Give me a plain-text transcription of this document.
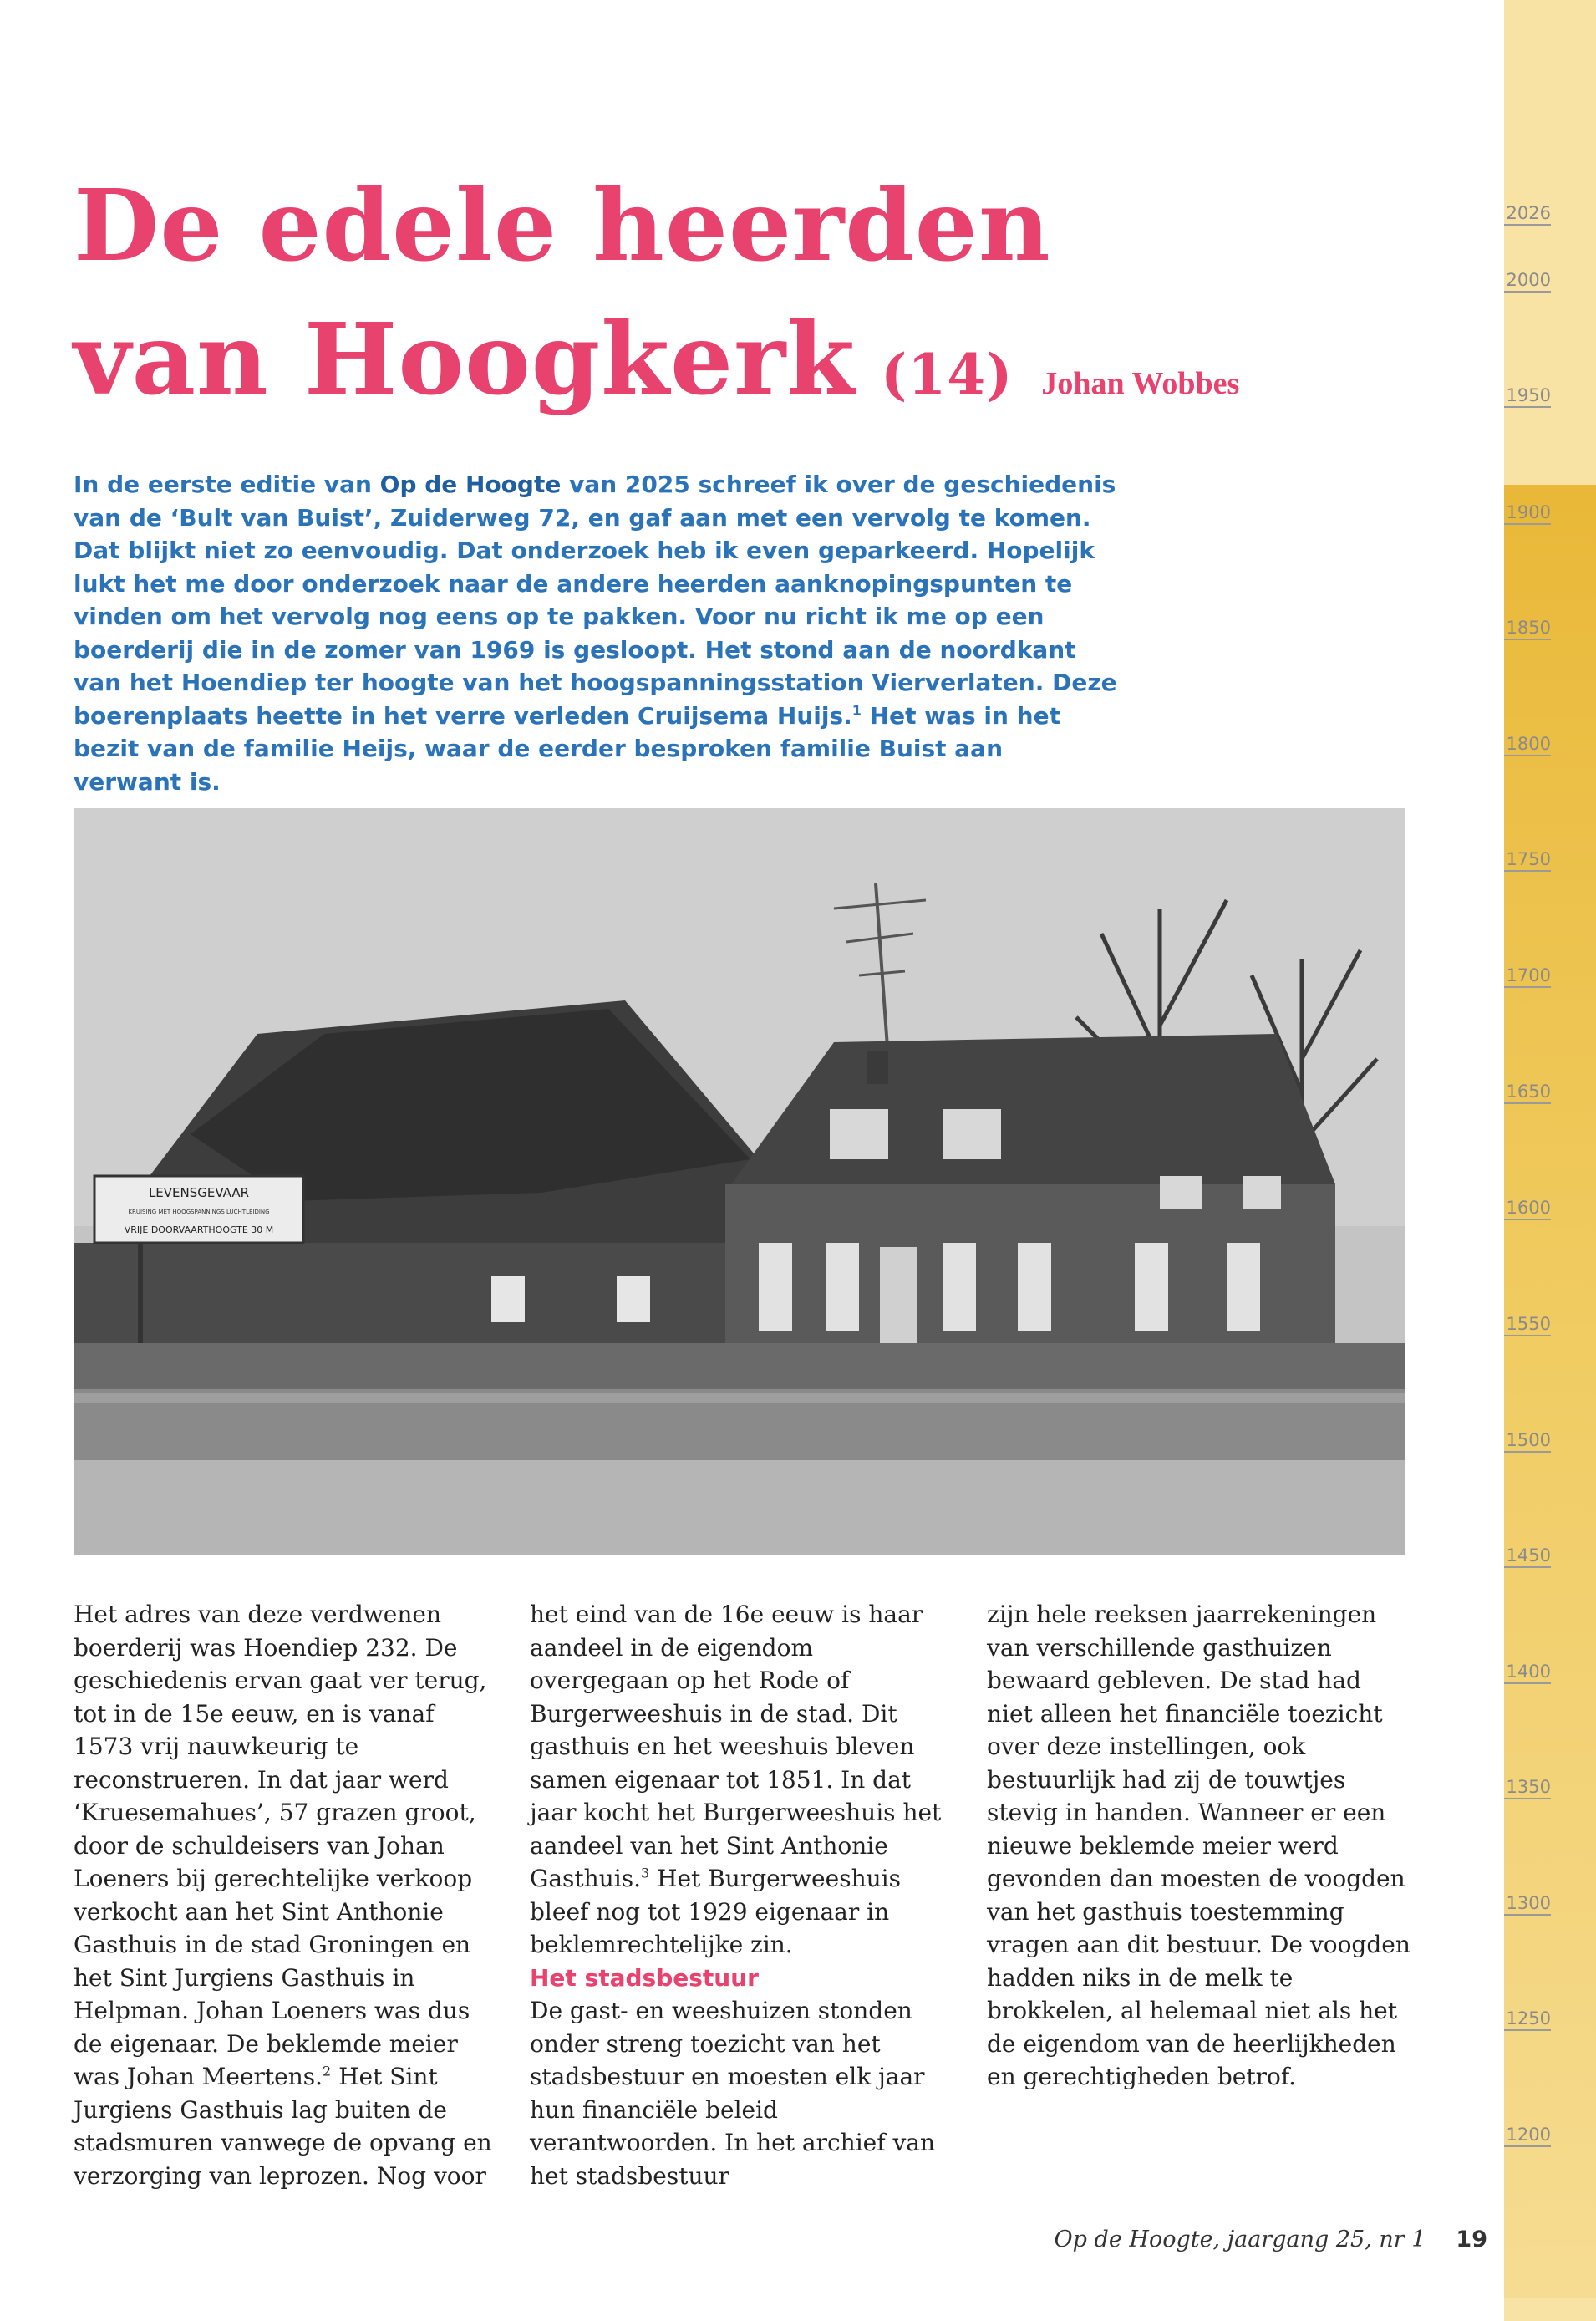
2026
2000
1950
1900
1850
1800
1750
1700
1650
1600
1550
1500
1450
1400
1350
1300
1250
1200
De edele heerden
van Hoogkerk (14) Johan Wobbes

In de eerste editie van Op de Hoogte van 2025 schreef ik over de geschiedenis van de ‘Bult van Buist’, Zuiderweg 72, en gaf aan met een vervolg te komen. Dat blijkt niet zo eenvoudig. Dat onderzoek heb ik even geparkeerd. Hopelijk lukt het me door onderzoek naar de andere heerden aanknopingspunten te vinden om het vervolg nog eens op te pakken. Voor nu richt ik me op een boerderij die in de zomer van 1969 is gesloopt. Het stond aan de noordkant van het Hoendiep ter hoogte van het hoogspanningsstation Vierverlaten. Deze boerenplaats heette in het verre verleden Cruijsema Huijs.$^1$ Het was in het bezit van de familie Heijs, waar de eerder besproken familie Buist aan verwant is.

LEVENSGEVAAR
KRUISING MET HOOGSPANNINGS LUCHTLEIDING
VRIJE DOORVAARTHOOGTE 30 M

Het adres van deze verdwenen boerderij was Hoendiep 232. De geschiedenis ervan gaat ver terug, tot in de 15e eeuw, en is vanaf 1573 vrij nauwkeurig te reconstrueren. In dat jaar werd ‘Kruesemahues’, 57 grazen groot, door de schuldeisers van Johan Loeners bij gerechtelijke verkoop verkocht aan het Sint Anthonie Gasthuis in de stad Groningen en het Sint Jurgiens Gasthuis in Helpman. Johan Loeners was dus de eigenaar. De beklemde meier was Johan Meertens.$^2$ Het Sint Jurgiens Gasthuis lag buiten de stadsmuren vanwege de opvang en verzorging van leprozen. Nog voor

het eind van de 16e eeuw is haar aandeel in de eigendom overgegaan op het Rode of Burgerweeshuis in de stad. Dit gasthuis en het weeshuis bleven samen eigenaar tot 1851. In dat jaar kocht het Burgerweeshuis het aandeel van het Sint Anthonie Gasthuis.$^3$ Het Burgerweeshuis bleef nog tot 1929 eigenaar in beklemrechtelijke zin.

Het stadsbestuur

De gast- en weeshuizen stonden onder streng toezicht van het stadsbestuur en moesten elk jaar hun financiële beleid verantwoorden. In het archief van het stadsbestuur

zijn hele reeksen jaarrekeningen van verschillende gasthuizen bewaard gebleven. De stad had niet alleen het financiële toezicht over deze instellingen, ook bestuurlijk had zij de touwtjes stevig in handen. Wanneer er een nieuwe beklemde meier werd gevonden dan moesten de voogden van het gasthuis toestemming vragen aan dit bestuur. De voogden hadden niks in de melk te brokkelen, al helemaal niet als het de eigendom van de heerlijkheden en gerechtigheden betrof.

Op de Hoogte, jaargang 25, nr 1 19
